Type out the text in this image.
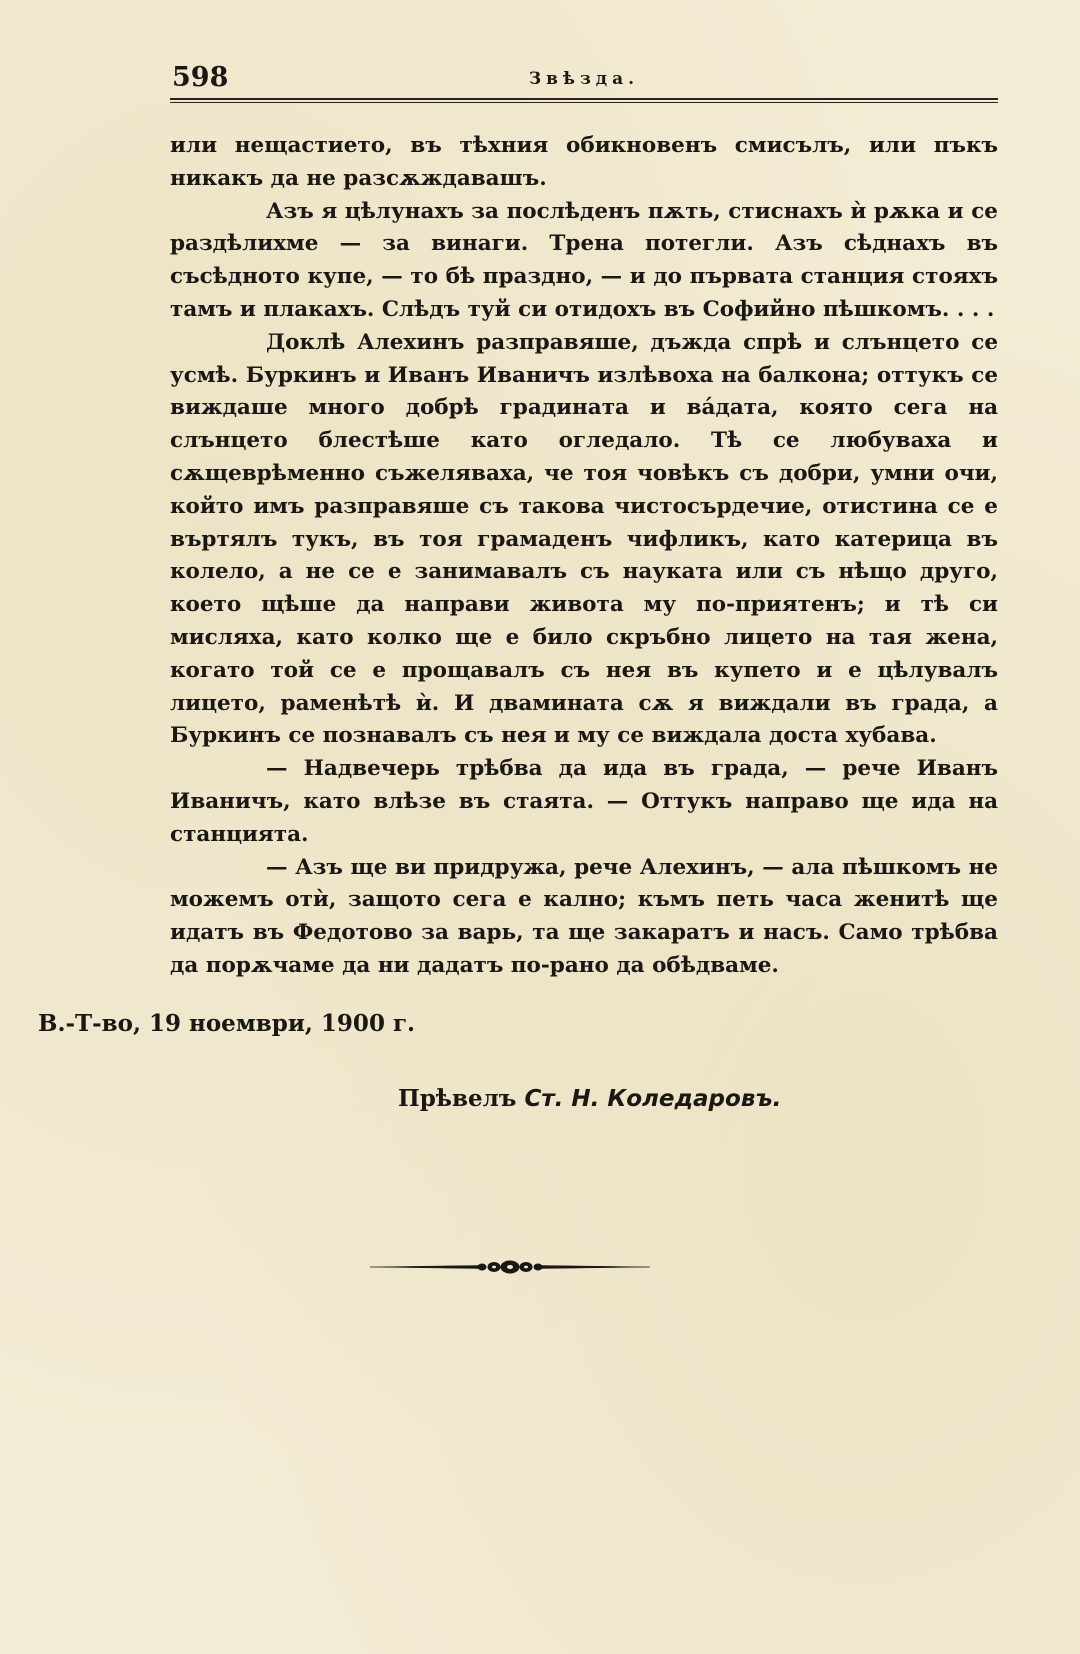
598	Звѣзда.

или нещастието, въ тѣхния обикновенъ смисълъ, или пъкъ никакъ да не разсѫждавашъ.

Азъ я цѣлунахъ за послѣденъ пѫть, стиснахъ ѝ рѫка и се раздѣлихме — за винаги. Трена потегли. Азъ сѣднахъ въ съсѣдното купе, — то бѣ праздно, — и до първата станция стояхъ тамъ и плакахъ. Слѣдъ туй си отидохъ въ Софийно пѣшкомъ. . . .

Доклѣ Алехинъ разправяше, дъжда спрѣ и слънцето се усмѣ. Буркинъ и Иванъ Иваничъ излѣвоха на балкона; оттукъ се виждаше много добрѣ градината и вáдата, която сега на слънцето блестѣше като огледало. Тѣ се любуваха и сѫщеврѣменно съжеляваха, че тоя човѣкъ съ добри, умни очи, който имъ разправяше съ такова чистосърдечие, отистина се е въртялъ тукъ, въ тоя грамаденъ чифликъ, като катерица въ колело, а не се е занимавалъ съ науката или съ нѣщо друго, което щѣше да направи живота му по-приятенъ; и тѣ си мисляха, като колко ще е било скръбно лицето на тая жена, когато той се е прощавалъ съ нея въ купето и е цѣлувалъ лицето, раменѣтѣ ѝ. И двамината сѫ я виждали въ града, а Буркинъ се познавалъ съ нея и му се виждала доста хубава.

— Надвечерь трѣбва да ида въ града, — рече Иванъ Иваничъ, като влѣзе въ стаята. — Оттукъ направо ще ида на станцията.

— Азъ ще ви придружа, рече Алехинъ, — ала пѣшкомъ не можемъ отѝ, защото сега е кално; къмъ петь часа женитѣ ще идатъ въ Федотово за варь, та ще закаратъ и насъ. Само трѣбва да порѫчаме да ни дадатъ по-рано да обѣдваме.

В.-Т-во, 19 ноември, 1900 г.
Прѣвелъ Ст. Н. Коледаровъ.
